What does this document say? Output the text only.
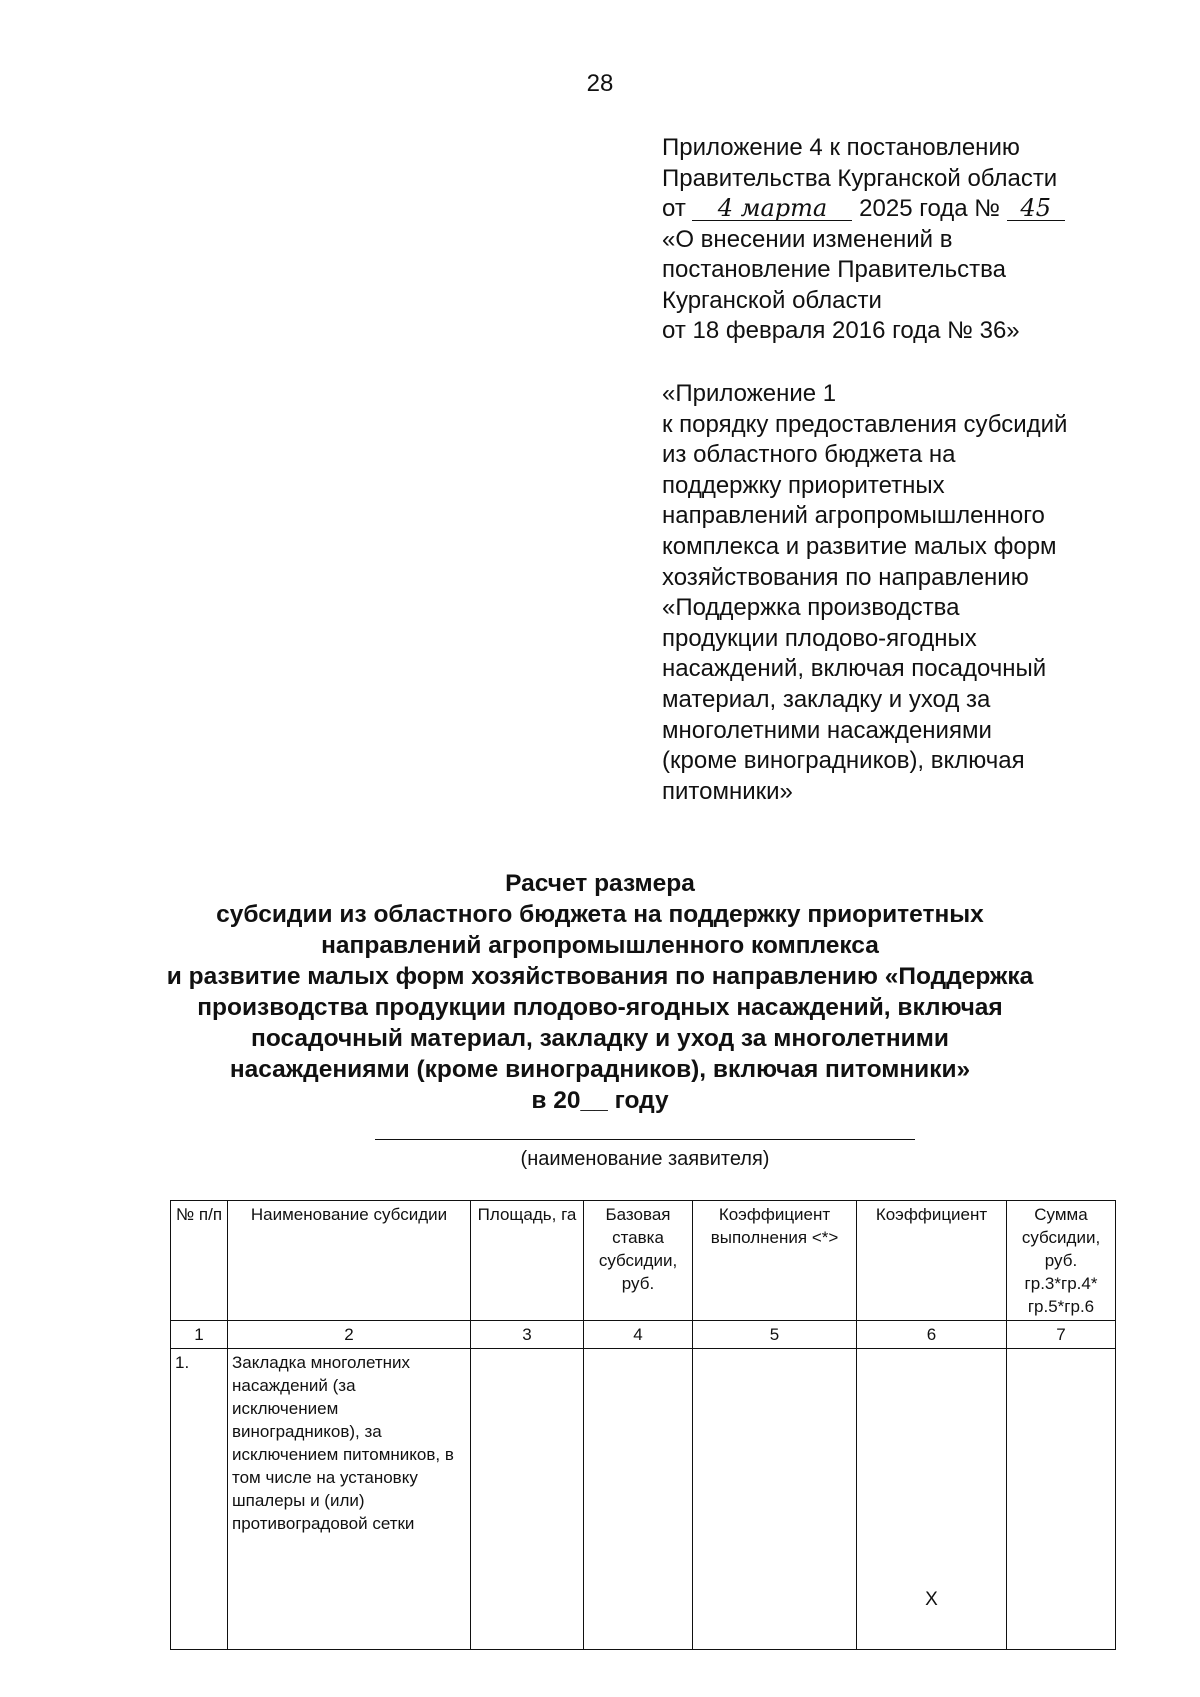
28
Приложение 4 к постановлению
Правительства Курганской области
от 4 марта 2025 года № 45
«О внесении изменений в
постановление Правительства
Курганской области
от 18 февраля 2016 года № 36»
«Приложение 1
к порядку предоставления субсидий
из областного бюджета на
поддержку приоритетных
направлений агропромышленного
комплекса и развитие малых форм
хозяйствования по направлению
«Поддержка производства
продукции плодово-ягодных
насаждений, включая посадочный
материал, закладку и уход за
многолетними насаждениями
(кроме виноградников), включая
питомники»
Расчет размера
субсидии из областного бюджета на поддержку приоритетных
направлений агропромышленного комплекса
и развитие малых форм хозяйствования по направлению «Поддержка
производства продукции плодово-ягодных насаждений, включая
посадочный материал, закладку и уход за многолетними
насаждениями (кроме виноградников), включая питомники»
в 20__ году
(наименование заявителя)
№ п/п	Наименование субсидии	Площадь, га	Базовая ставка субсидии, руб.	Коэффициент выполнения <*>	Коэффициент	Сумма субсидии, руб. гр.3*гр.4* гр.5*гр.6
1	2	3	4	5	6	7
1.	Закладка многолетних насаждений (за исключением виноградников), за исключением питомников, в том числе на установку шпалеры и (или) противоградовой сетки				X	
